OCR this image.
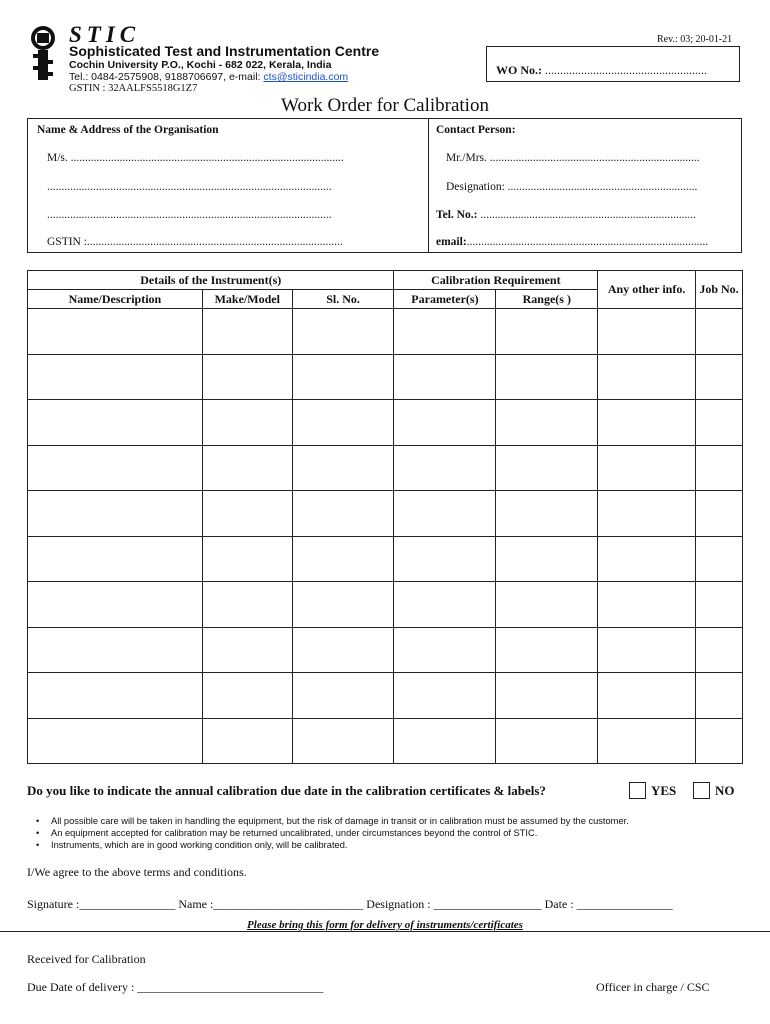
STIC
Sophisticated Test and Instrumentation Centre
Cochin University P.O., Kochi - 682 022, Kerala, India
Tel.: 0484-2575908, 9188706697, e-mail: cts@sticindia.com
GSTIN : 32AALFS5518G1Z7
Rev.: 03; 20-01-21
WO No.: ......................................................
Work Order for Calibration
Name & Address of the Organisation	Contact Person:
M/s. ...............................................................................................
...................................................................................................
...................................................................................................
GSTIN :.........................................................................................
Mr./Mrs. .........................................................................
Designation: ..................................................................
Tel. No.: ...........................................................................
email:....................................................................................
Details of the Instrument(s)			Calibration Requirement		Any other info.	Job No.
Name/Description	Make/Model	Sl. No.	Parameter(s)	Range(s )		

Do you like to indicate the annual calibration due date in the calibration certificates & labels?	YES	NO
• All possible care will be taken in handling the equipment, but the risk of damage in transit or in calibration must be assumed by the customer.
• An equipment accepted for calibration may be returned uncalibrated, under circumstances beyond the control of STIC.
• Instruments, which are in good working condition only, will be calibrated.
I/We agree to the above terms and conditions.
Signature :________________ Name :_________________________ Designation : __________________ Date : ________________
Please bring this form for delivery of instruments/certificates
Received for Calibration
Due Date of delivery : _______________________________	Officer in charge / CSC
